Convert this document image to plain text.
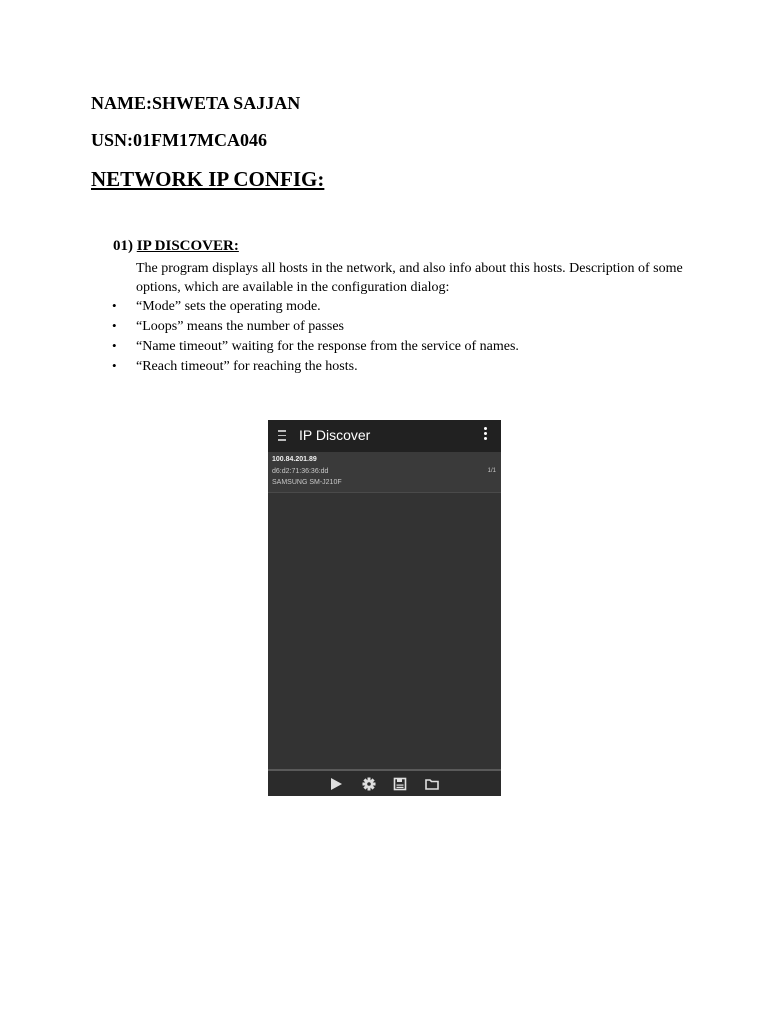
NAME:SHWETA SAJJAN
USN:01FM17MCA046
NETWORK IP CONFIG:
01) IP DISCOVER:
The program displays all hosts in the network, and also info about this hosts. Description of some options, which are available in the configuration dialog:
• “Mode” sets the operating mode.
• “Loops” means the number of passes
• “Name timeout” waiting for the response from the service of names.
• “Reach timeout” for reaching the hosts.
IP Discover
100.84.201.89
d6:d2:71:36:36:dd
SAMSUNG SM-J210F
1/1
